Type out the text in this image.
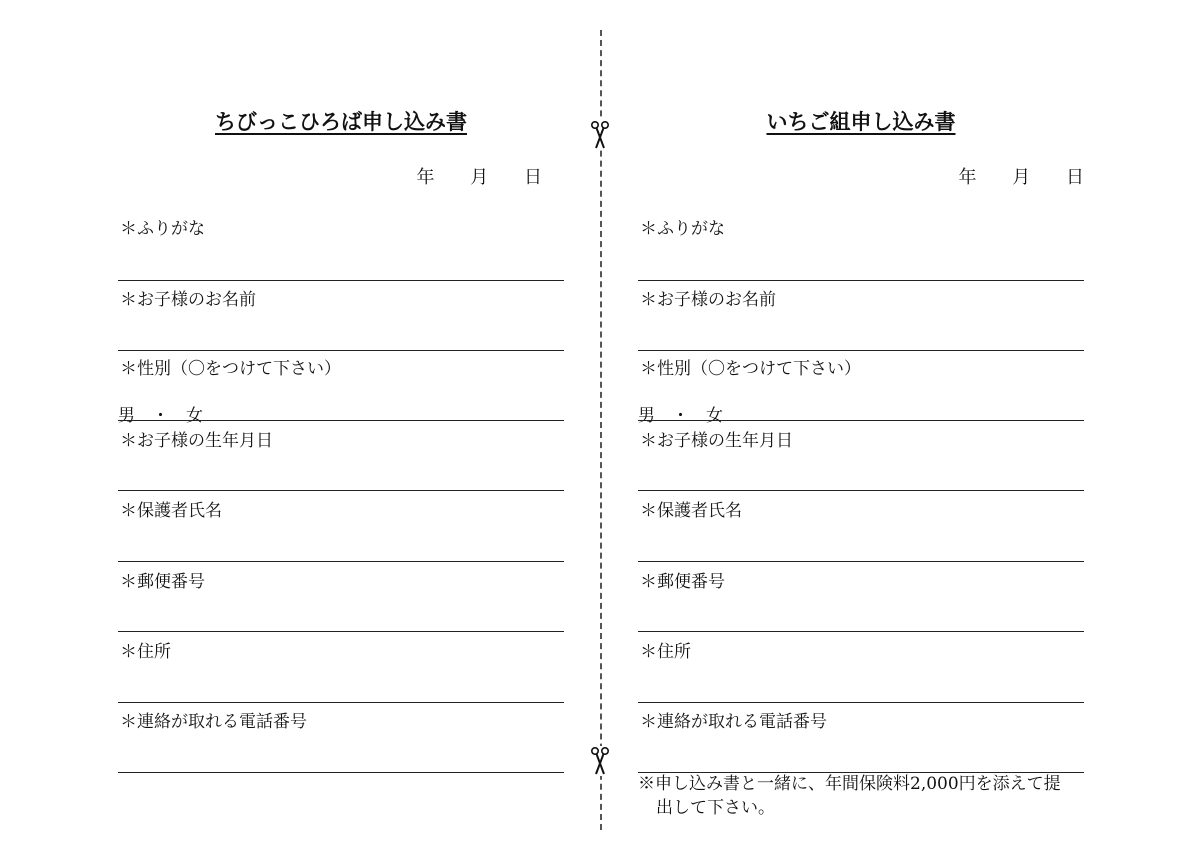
ちびっこひろば申し込み書
年 月 日
＊ふりがな
＊お子様のお名前
＊性別（〇をつけて下さい）
男　・　女
＊お子様の生年月日
＊保護者氏名
＊郵便番号
＊住所
＊連絡が取れる電話番号
いちご組申し込み書
年 月 日
＊ふりがな
＊お子様のお名前
＊性別（〇をつけて下さい）
男　・　女
＊お子様の生年月日
＊保護者氏名
＊郵便番号
＊住所
＊連絡が取れる電話番号
※申し込み書と一緒に、年間保険料2,000円を添えて提
出して下さい。
